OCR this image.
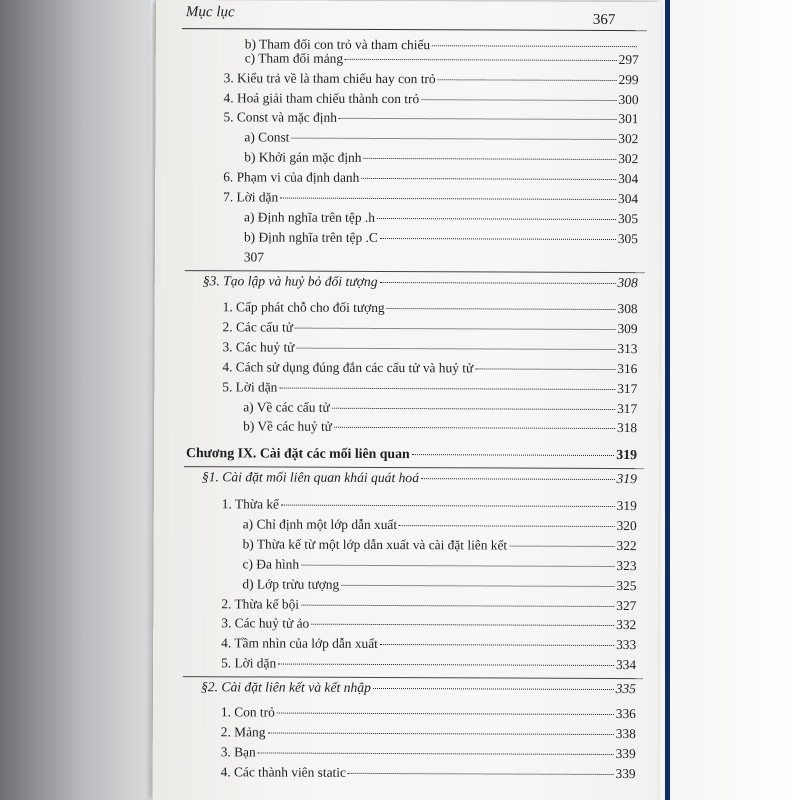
Mục lục	367
b) Tham đối con trỏ và tham chiếu
c) Tham đối mảng	297
3. Kiểu trả về là tham chiếu hay con trỏ	299
4. Hoá giải tham chiếu thành con trỏ	300
5. Const và mặc định	301
a) Const	302
b) Khởi gán mặc định	302
6. Phạm vi của định danh	304
7. Lời dặn	304
a) Định nghĩa trên tệp .h	305
b) Định nghĩa trên tệp .C	305
307
§3. Tạo lập và huỷ bỏ đối tượng	308
1. Cấp phát chỗ cho đối tượng	308
2. Các cấu tử	309
3. Các huỷ tử	313
4. Cách sử dụng đúng đắn các cấu tử và huỷ tử	316
5. Lời dặn	317
a) Về các cấu tử	317
b) Về các huỷ tử	318
Chương IX. Cài đặt các mối liên quan	319
§1. Cài đặt mối liên quan khái quát hoá	319
1. Thừa kế	319
a) Chỉ định một lớp dẫn xuất	320
b) Thừa kế từ một lớp dẫn xuất và cài đặt liên kết	322
c) Đa hình	323
d) Lớp trừu tượng	325
2. Thừa kế bội	327
3. Các huỷ tử ảo	332
4. Tầm nhìn của lớp dẫn xuất	333
5. Lời dặn	334
§2. Cài đặt liên kết và kết nhập	335
1. Con trỏ	336
2. Mảng	338
3. Bạn	339
4. Các thành viên static	339
